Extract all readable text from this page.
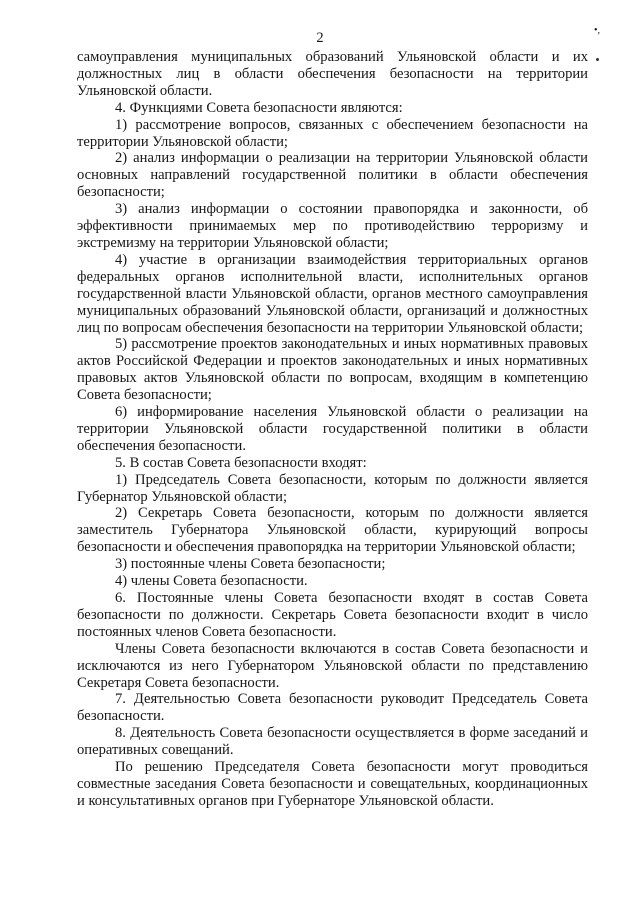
2	•,

самоуправления муниципальных образований Ульяновской области и их должностных лиц в области обеспечения безопасности на территории Ульяновской области.

4. Функциями Совета безопасности являются:

1) рассмотрение вопросов, связанных с обеспечением безопасности на территории Ульяновской области;

2) анализ информации о реализации на территории Ульяновской области основных направлений государственной политики в области обеспечения безопасности;

3) анализ информации о состоянии правопорядка и законности, об эффективности принимаемых мер по противодействию терроризму и экстремизму на территории Ульяновской области;

4) участие в организации взаимодействия территориальных органов федеральных органов исполнительной власти, исполнительных органов государственной власти Ульяновской области, органов местного самоуправления муниципальных образований Ульяновской области, организаций и должностных лиц по вопросам обеспечения безопасности на территории Ульяновской области;

5) рассмотрение проектов законодательных и иных нормативных правовых актов Российской Федерации и проектов законодательных и иных нормативных правовых актов Ульяновской области по вопросам, входящим в компетенцию Совета безопасности;

6) информирование населения Ульяновской области о реализации на территории Ульяновской области государственной политики в области обеспечения безопасности.

5. В состав Совета безопасности входят:

1) Председатель Совета безопасности, которым по должности является Губернатор Ульяновской области;

2) Секретарь Совета безопасности, которым по должности является заместитель Губернатора Ульяновской области, курирующий вопросы безопасности и обеспечения правопорядка на территории Ульяновской области;

3) постоянные члены Совета безопасности;

4) члены Совета безопасности.

6. Постоянные члены Совета безопасности входят в состав Совета безопасности по должности. Секретарь Совета безопасности входит в число постоянных членов Совета безопасности.

Члены Совета безопасности включаются в состав Совета безопасности и исключаются из него Губернатором Ульяновской области по представлению Секретаря Совета безопасности.

7. Деятельностью Совета безопасности руководит Председатель Совета безопасности.

8. Деятельность Совета безопасности осуществляется в форме заседаний и оперативных совещаний.

По решению Председателя Совета безопасности могут проводиться совместные заседания Совета безопасности и совещательных, координационных и консультативных органов при Губернаторе Ульяновской области.
